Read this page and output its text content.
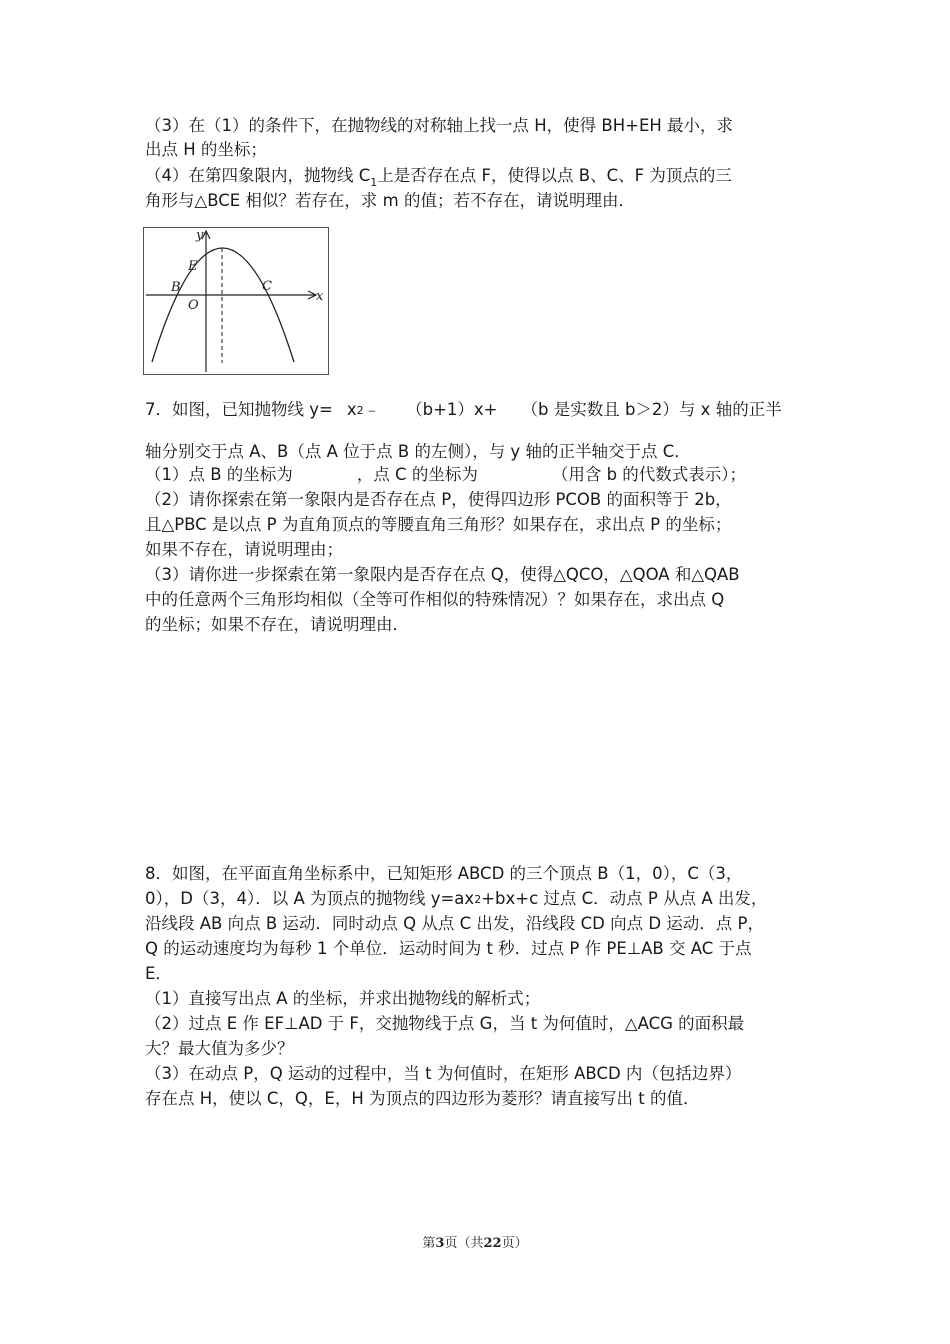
（3）在（1）的条件下，在抛物线的对称轴上找一点 H，使得 BH+EH 最小，求
出点 H 的坐标；
（4）在第四象限内，抛物线 $C_1$上是否存在点 F，使得以点 B、C、F 为顶点的三
角形与△BCE 相似？若存在，求 m 的值；若不存在，请说明理由．
y
x
E
B
O
C
7．如图，已知抛物线 y= x2﹣ （b+1）x+ （b 是实数且 b＞2）与 x 轴的正半
轴分别交于点 A、B（点 A 位于点 B 的左侧），与 y 轴的正半轴交于点 C．
（1）点 B 的坐标为	，点 C 的坐标为	（用含 b 的代数式表示）；
（2）请你探索在第一象限内是否存在点 P，使得四边形 PCOB 的面积等于 2b，
且△PBC 是以点 P 为直角顶点的等腰直角三角形？如果存在，求出点 P 的坐标；
如果不存在，请说明理由；
（3）请你进一步探索在第一象限内是否存在点 Q，使得△QCO，△QOA 和△QAB
中的任意两个三角形均相似（全等可作相似的特殊情况）？如果存在，求出点 Q
的坐标；如果不存在，请说明理由．
8．如图，在平面直角坐标系中，已知矩形 ABCD 的三个顶点 B（1，0），C（3，
0），D（3，4）．以 A 为顶点的抛物线 y=ax2+bx+c 过点 C．动点 P 从点 A 出发，
沿线段 AB 向点 B 运动．同时动点 Q 从点 C 出发，沿线段 CD 向点 D 运动．点 P，
Q 的运动速度均为每秒 1 个单位．运动时间为 t 秒．过点 P 作 PE⊥AB 交 AC 于点
E．
（1）直接写出点 A 的坐标，并求出抛物线的解析式；
（2）过点 E 作 EF⊥AD 于 F，交抛物线于点 G，当 t 为何值时，△ACG 的面积最
大？最大值为多少？
（3）在动点 P，Q 运动的过程中，当 t 为何值时，在矩形 ABCD 内（包括边界）
存在点 H，使以 C，Q，E，H 为顶点的四边形为菱形？请直接写出 t 的值．
第3页（共22页）
